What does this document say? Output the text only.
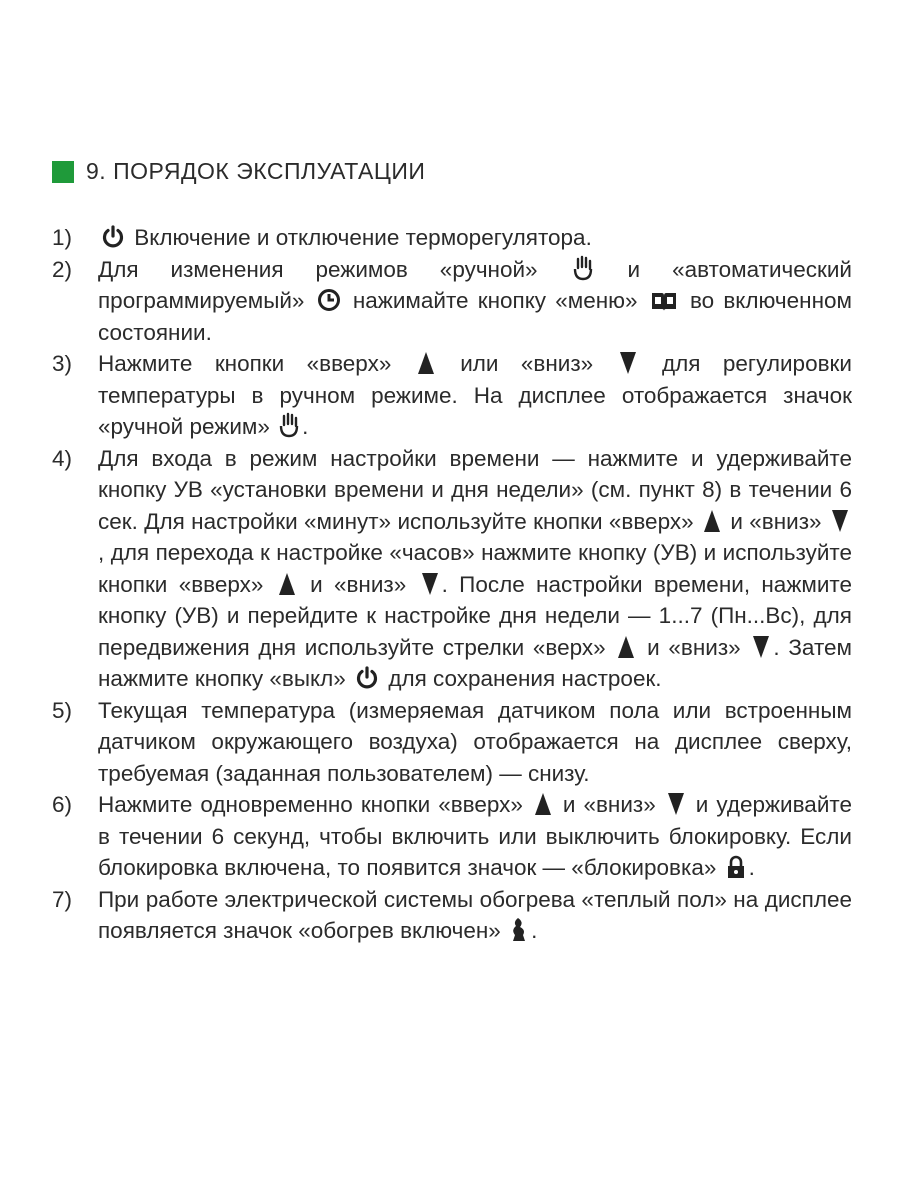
9. ПОРЯДОК ЭКСПЛУАТАЦИИ
1)	Включение и отключение терморегулятора.
2)	Для изменения режимов «ручной»	и «автоматический программируемый» нажимайте кнопку «меню» во включенном состоянии.
3)	Нажмите кнопки «вверх»	или «вниз»	для регулировки температуры в ручном режиме. На дисплее отображается значок «ручной режим» .
4)	Для входа в режим настройки времени — нажмите и удерживайте кнопку УВ «установки времени и дня недели» (см. пункт 8) в течении 6 сек. Для настройки «минут» используйте кнопки «вверх» и «вниз»
, для перехода к настройке «часов» нажмите кнопку (УВ) и используйте кнопки «вверх» и «вниз» . После настройки времени, нажмите кнопку (УВ) и перейдите к настройке дня недели — 1...7 (Пн...Вс), для передвижения дня используйте стрелки «верх» и «вниз» . Затем нажмите кнопку «выкл» для сохранения настроек.
5)	Текущая температура (измеряемая датчиком пола или встроенным датчиком окружающего воздуха) отображается на дисплее сверху, требуемая (заданная пользователем) — снизу.
6)	Нажмите одновременно кнопки «вверх» и «вниз» и удерживайте в течении 6 секунд, чтобы включить или выключить блокировку. Если блокировка включена, то появится значок — «блокировка» .
7)	При работе электрической системы обогрева «теплый пол» на дисплее появляется значок «обогрев включен» .
